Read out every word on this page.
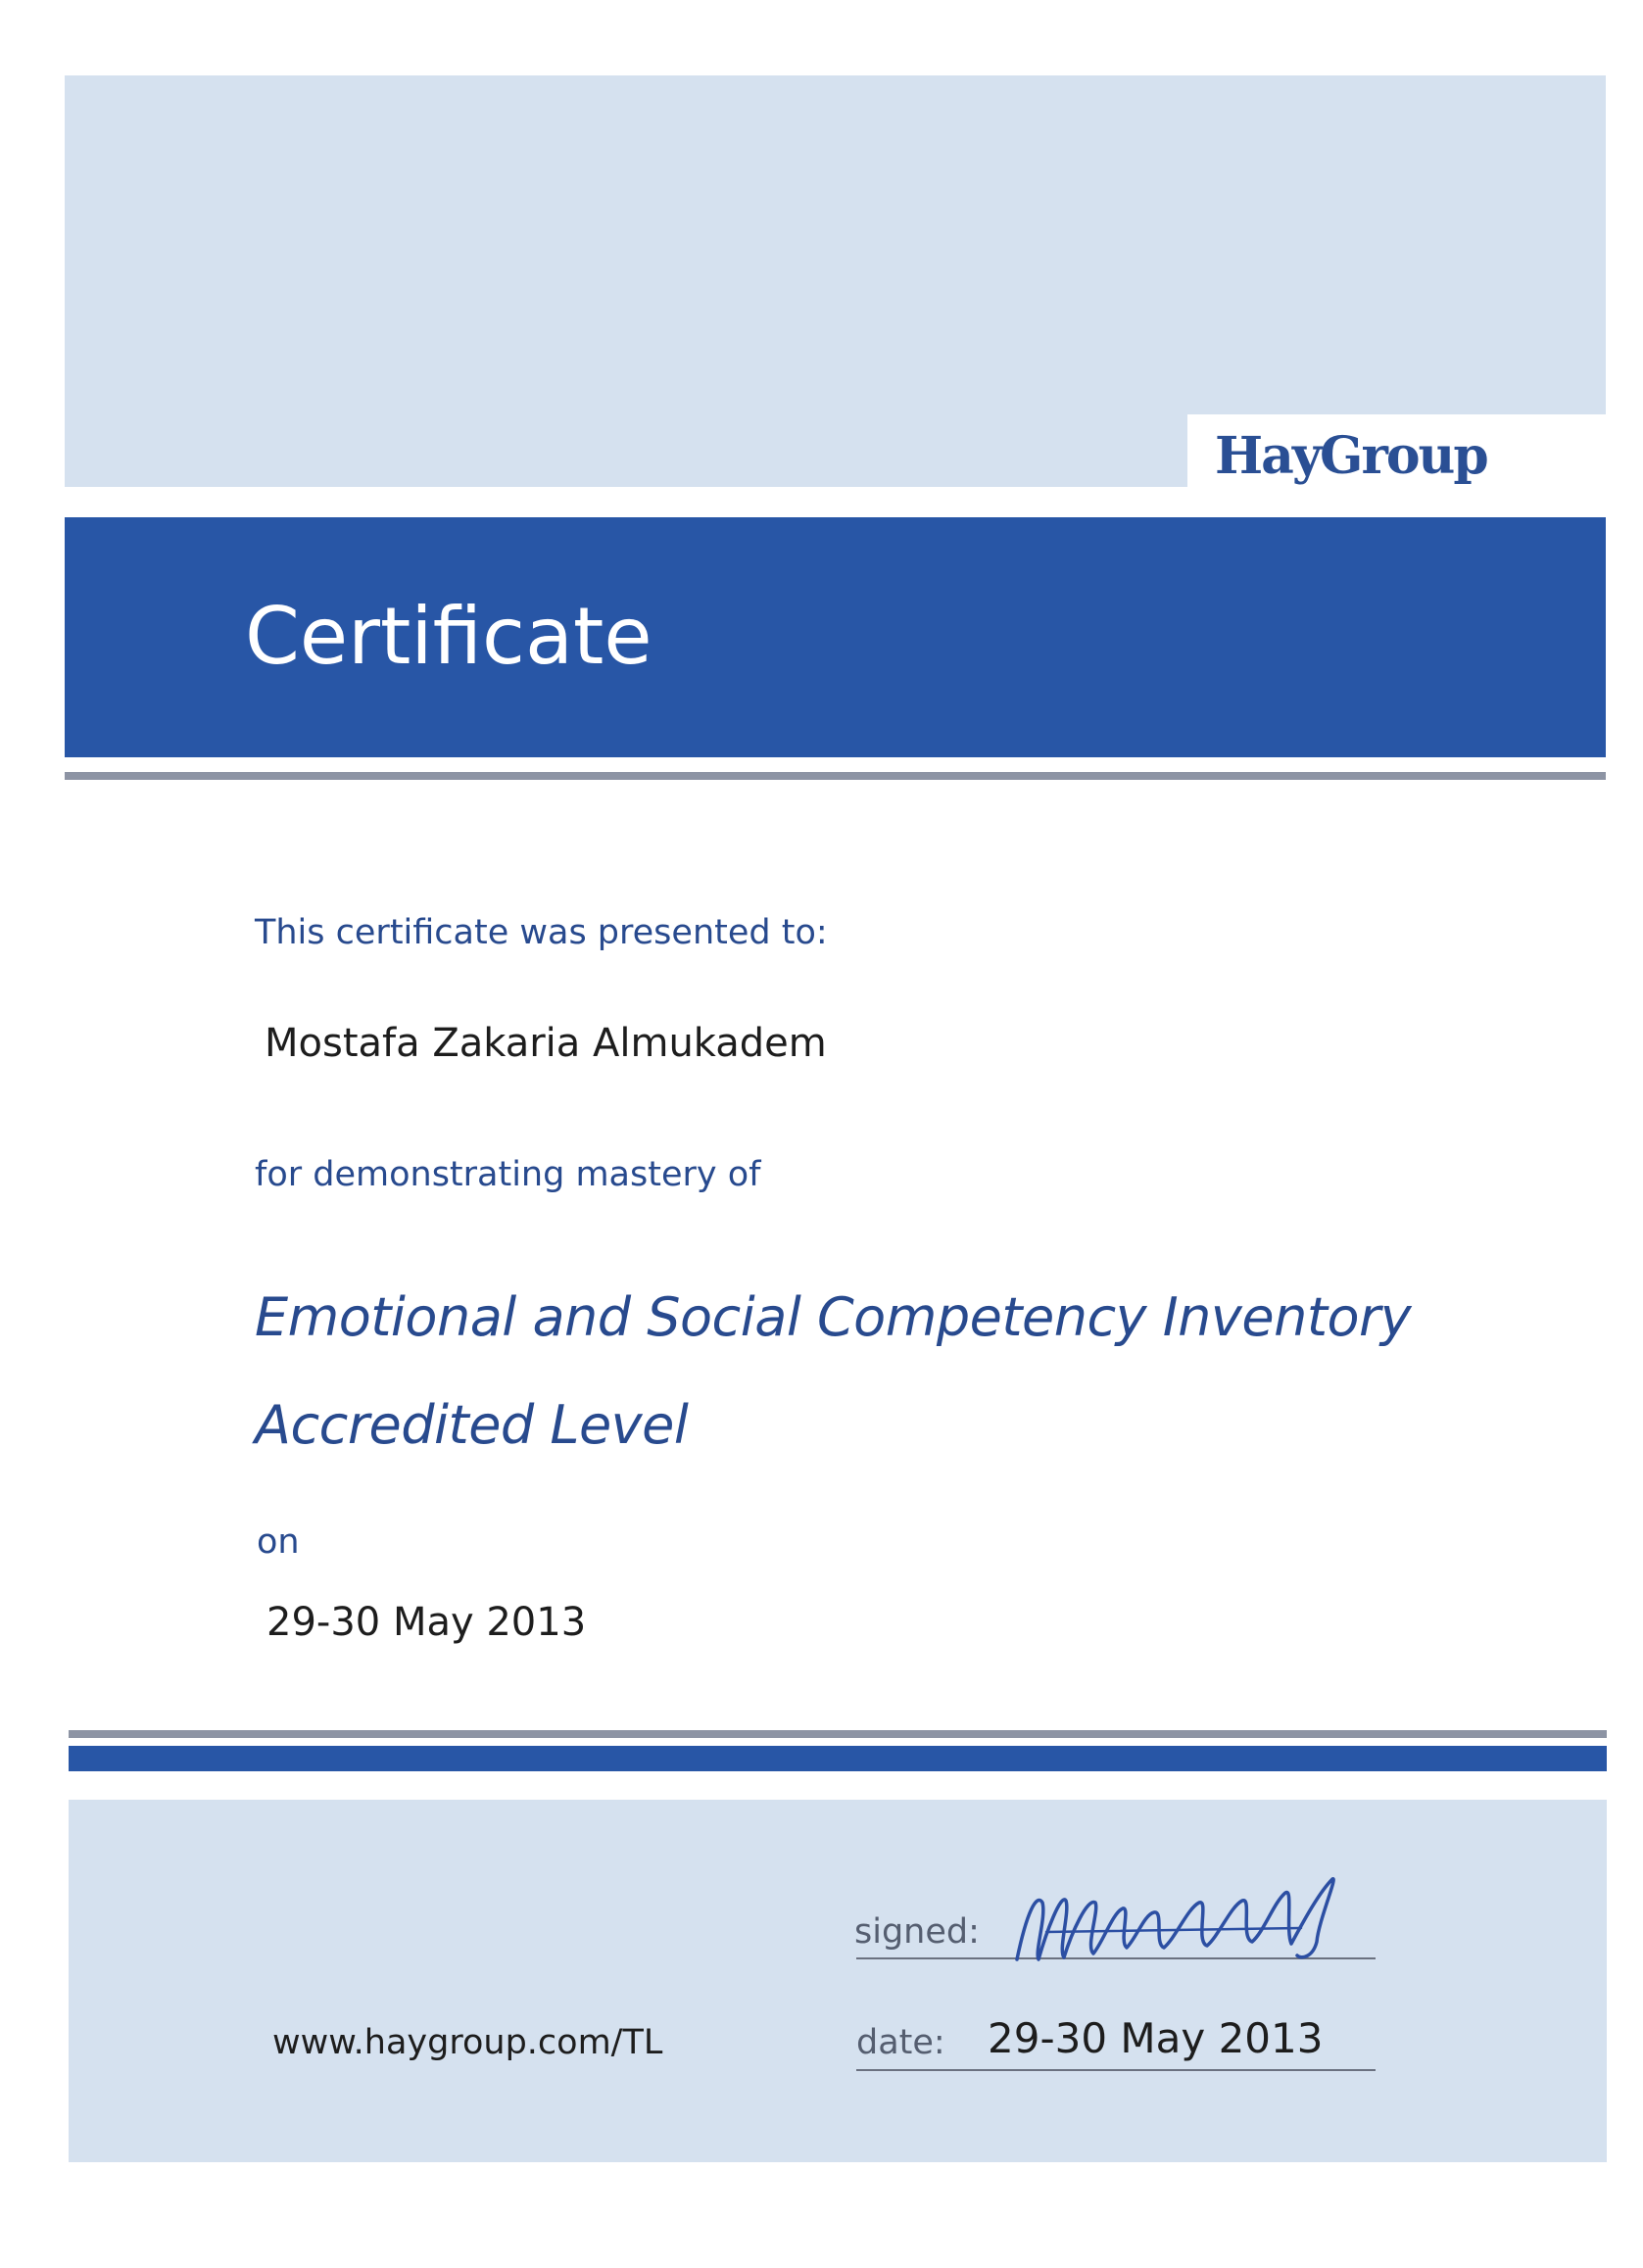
HayGroup
Certificate
This certificate was presented to:
Mostafa Zakaria Almukadem
for demonstrating mastery of
Emotional and Social Competency Inventory
Accredited Level
on
29-30 May 2013
www.haygroup.com/TL
signed:
date: 29-30 May 2013
